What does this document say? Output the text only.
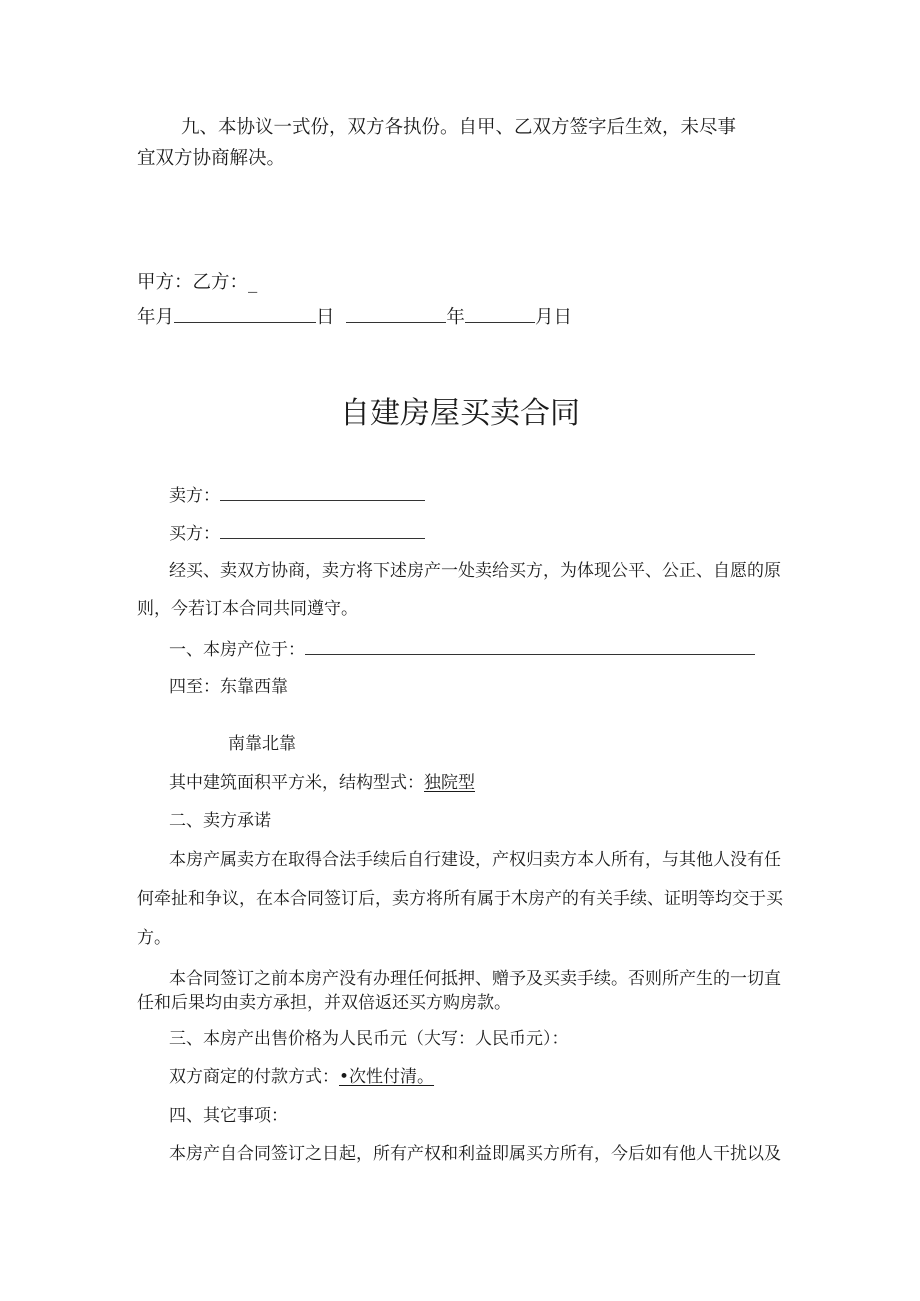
九、本协议一式份，双方各执份。自甲、乙双方签字后生效，未尽事
宜双方协商解决。
甲方：乙方：_
年月	日	年	月日
自建房屋买卖合同
卖方：
买方：
经买、卖双方协商，卖方将下述房产一处卖给买方，为体现公平、公正、自愿的原
则，今若订本合同共同遵守。
一、本房产位于：
四至：东靠西靠
南靠北靠
其中建筑面积平方米，结构型式：独院型
二、卖方承诺
本房产属卖方在取得合法手续后自行建设，产权归卖方本人所有，与其他人没有任
何牵扯和争议，在本合同签订后，卖方将所有属于木房产的有关手续、证明等均交于买
方。
本合同签订之前本房产没有办理任何抵押、赠予及买卖手续。否则所产生的一切直
任和后果均由卖方承担，并双倍返还买方购房款。
三、本房产出售价格为人民币元（大写：人民币元）：
双方商定的付款方式：•次性付清。
四、其它事项：
本房产自合同签订之日起，所有产权和利益即属买方所有，今后如有他人干扰以及
